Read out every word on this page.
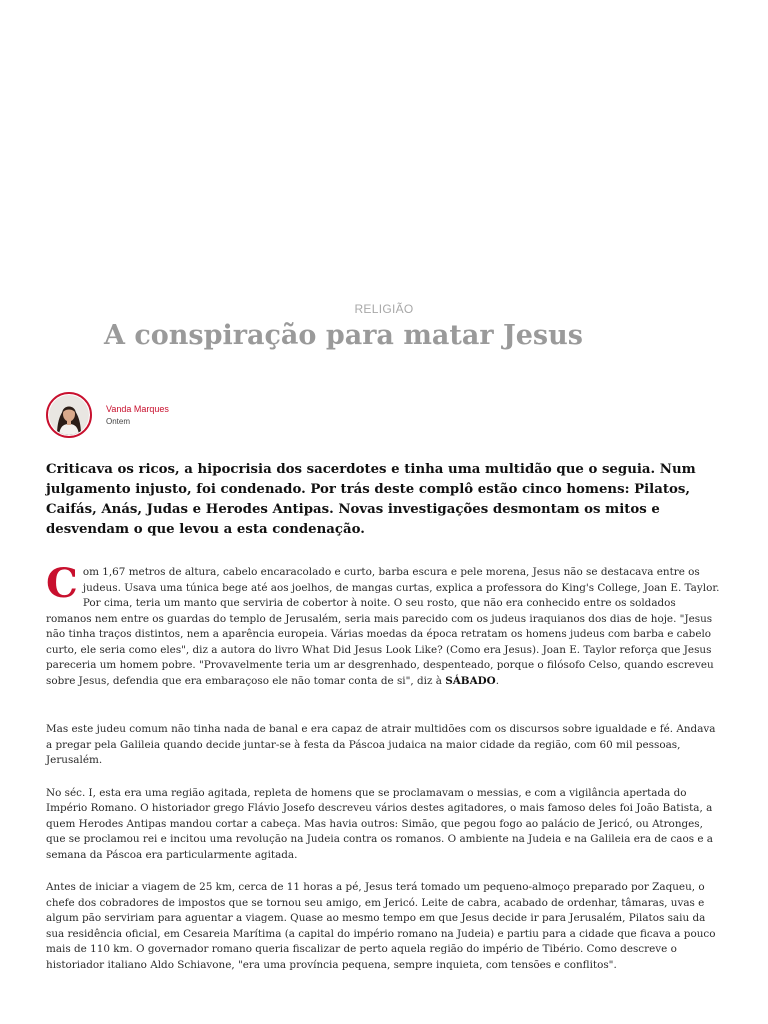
RELIGIÃO
A conspiração para matar Jesus
Vanda Marques
Ontem

Criticava os ricos, a hipocrisia dos sacerdotes e tinha uma multidão que o seguia. Num julgamento injusto, foi condenado. Por trás deste complô estão cinco homens: Pilatos, Caifás, Anás, Judas e Herodes Antipas. Novas investigações desmontam os mitos e desvendam o que levou a esta condenação.

Com 1,67 metros de altura, cabelo encaracolado e curto, barba escura e pele morena, Jesus não se destacava entre os judeus. Usava uma túnica bege até aos joelhos, de mangas curtas, explica a professora do King's College, Joan E. Taylor. Por cima, teria um manto que serviria de cobertor à noite. O seu rosto, que não era conhecido entre os soldados romanos nem entre os guardas do templo de Jerusalém, seria mais parecido com os judeus iraquianos dos dias de hoje. "Jesus não tinha traços distintos, nem a aparência europeia. Várias moedas da época retratam os homens judeus com barba e cabelo curto, ele seria como eles", diz a autora do livro What Did Jesus Look Like? (Como era Jesus). Joan E. Taylor reforça que Jesus pareceria um homem pobre. "Provavelmente teria um ar desgrenhado, despenteado, porque o filósofo Celso, quando escreveu sobre Jesus, defendia que era embaraçoso ele não tomar conta de si", diz à SÁBADO.

Mas este judeu comum não tinha nada de banal e era capaz de atrair multidões com os discursos sobre igualdade e fé. Andava a pregar pela Galileia quando decide juntar-se à festa da Páscoa judaica na maior cidade da região, com 60 mil pessoas, Jerusalém.

No séc. I, esta era uma região agitada, repleta de homens que se proclamavam o messias, e com a vigilância apertada do Império Romano. O historiador grego Flávio Josefo descreveu vários destes agitadores, o mais famoso deles foi João Batista, a quem Herodes Antipas mandou cortar a cabeça. Mas havia outros: Simão, que pegou fogo ao palácio de Jericó, ou Atronges, que se proclamou rei e incitou uma revolução na Judeia contra os romanos. O ambiente na Judeia e na Galileia era de caos e a semana da Páscoa era particularmente agitada.

Antes de iniciar a viagem de 25 km, cerca de 11 horas a pé, Jesus terá tomado um pequeno-almoço preparado por Zaqueu, o chefe dos cobradores de impostos que se tornou seu amigo, em Jericó. Leite de cabra, acabado de ordenhar, tâmaras, uvas e algum pão serviriam para aguentar a viagem. Quase ao mesmo tempo em que Jesus decide ir para Jerusalém, Pilatos saiu da sua residência oficial, em Cesareia Marítima (a capital do império romano na Judeia) e partiu para a cidade que ficava a pouco mais de 110 km. O governador romano queria fiscalizar de perto aquela região do império de Tibério. Como descreve o historiador italiano Aldo Schiavone, "era uma província pequena, sempre inquieta, com tensões e conflitos".
